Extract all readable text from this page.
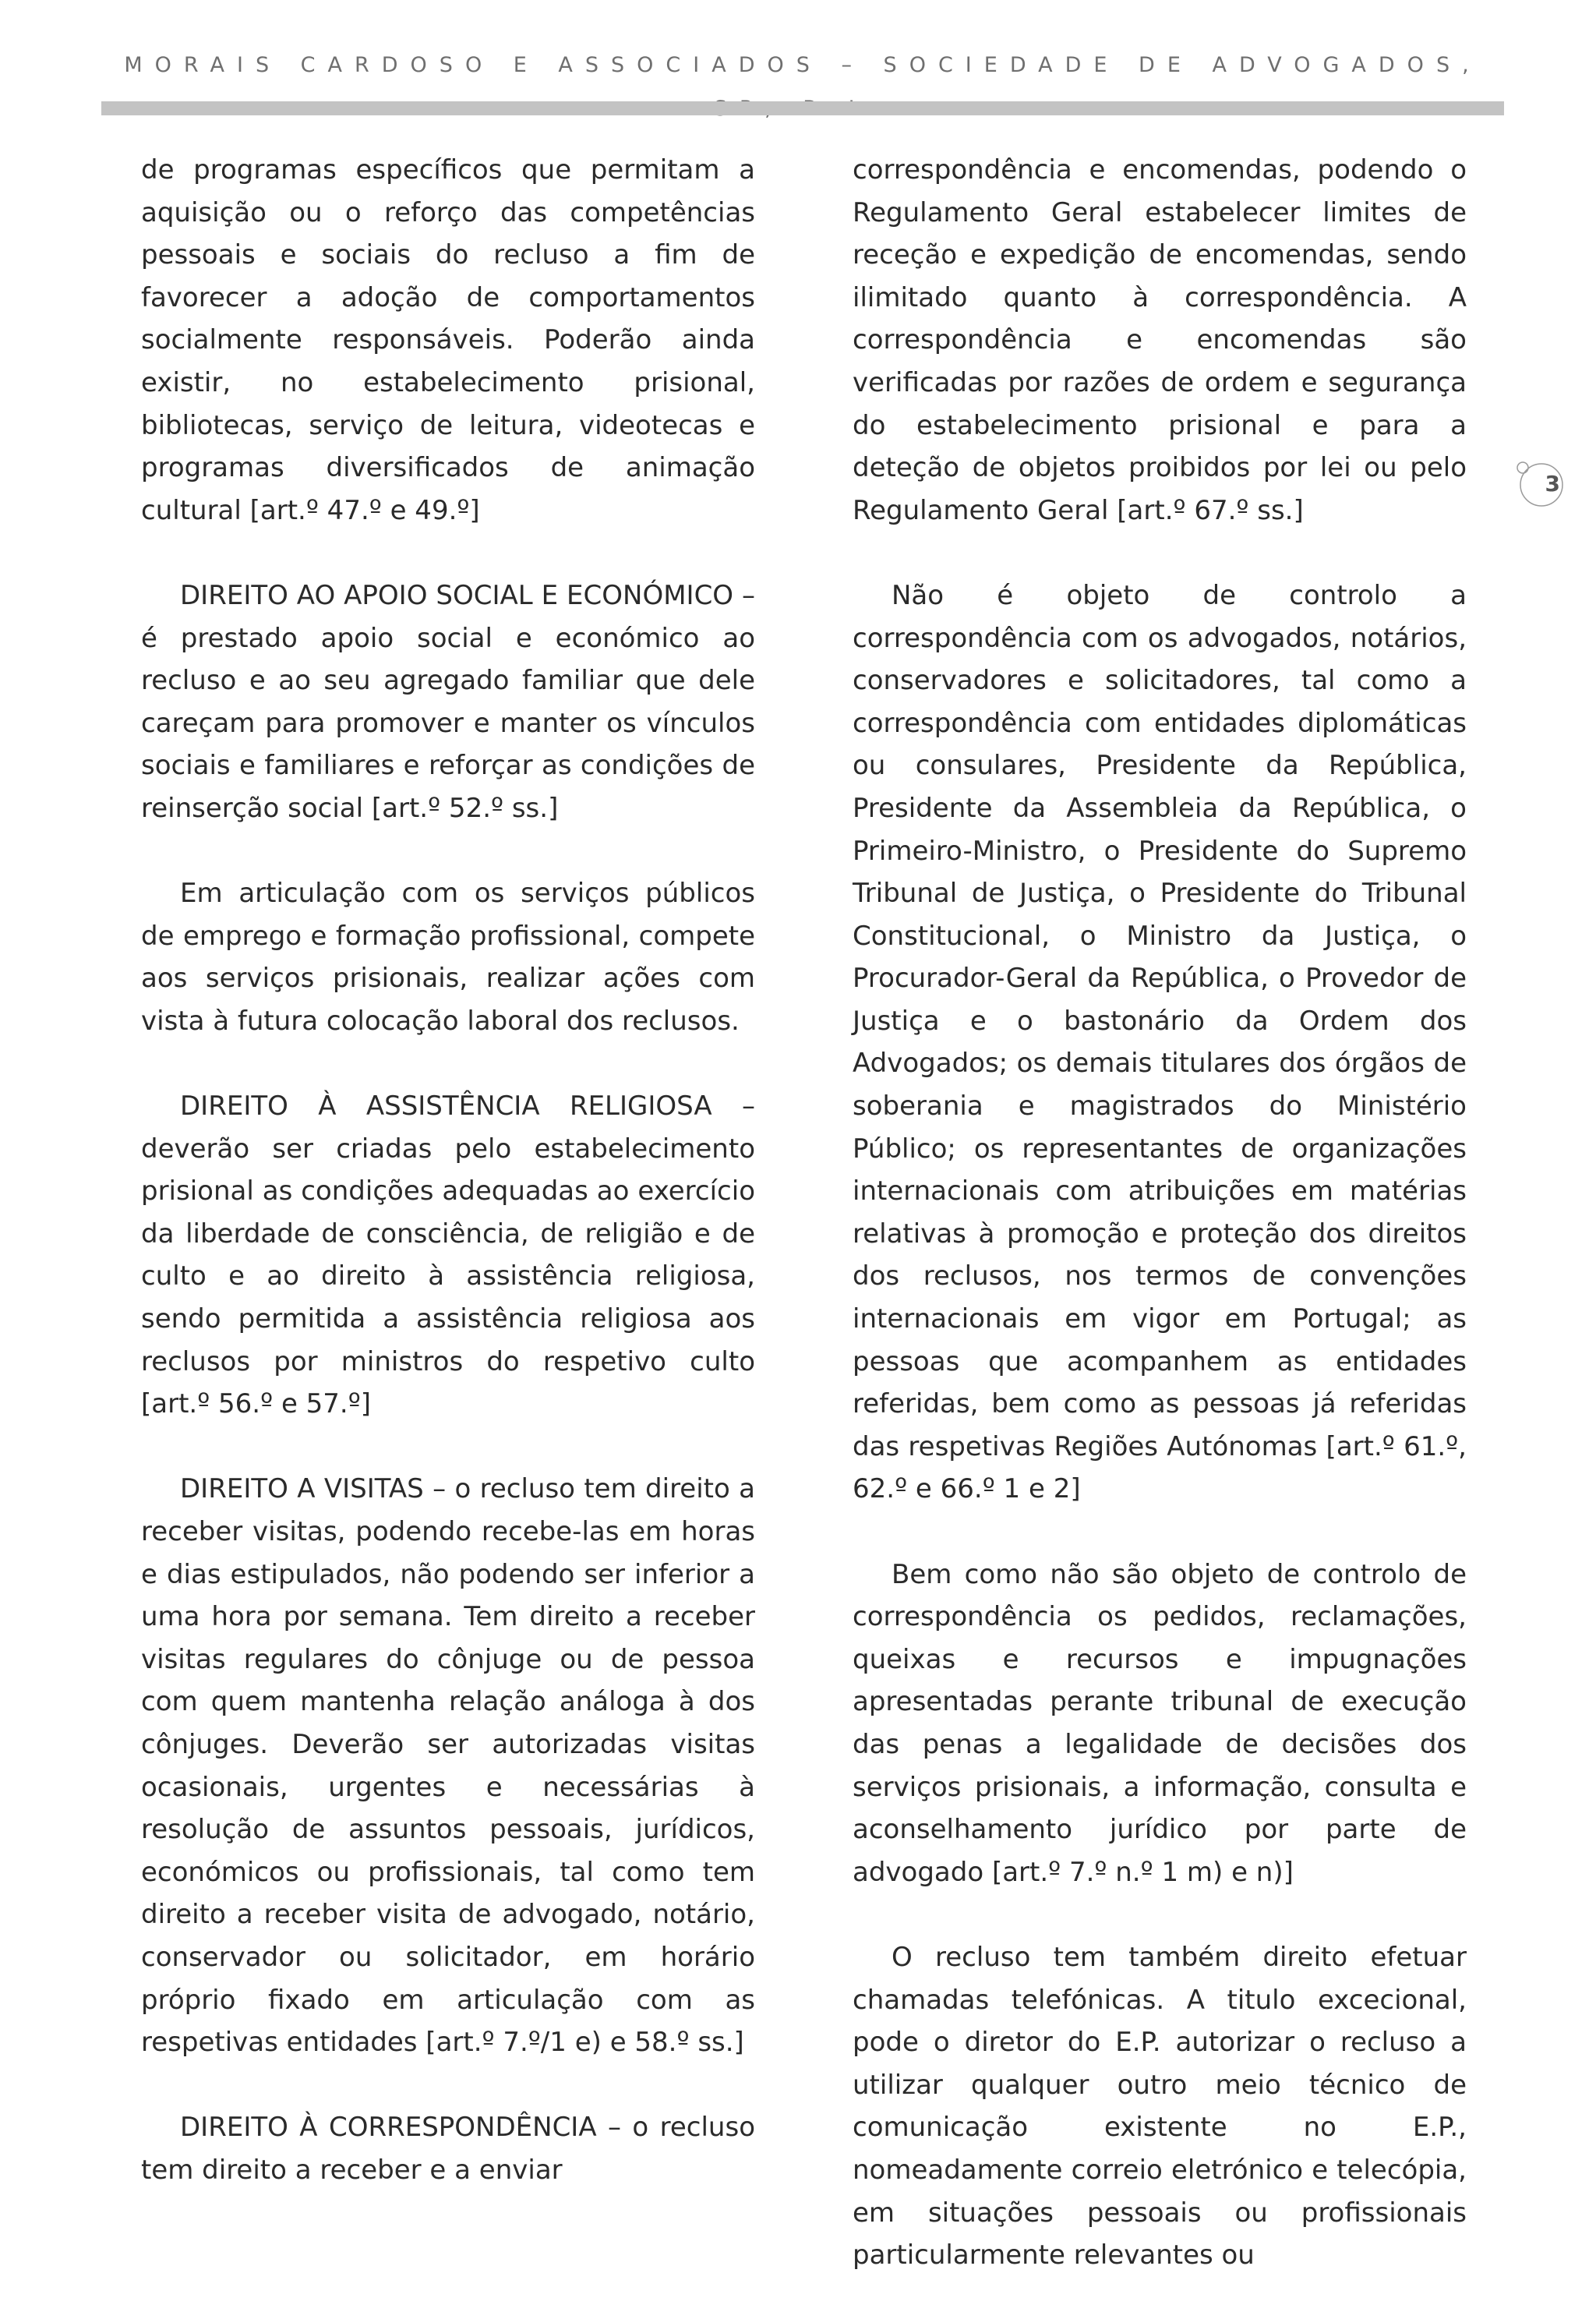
MORAIS CARDOSO E ASSOCIADOS – SOCIEDADE DE ADVOGADOS,

de programas específicos que permitam a aquisição ou o reforço das competências pessoais e sociais do recluso a fim de favorecer a adoção de comportamentos socialmente responsáveis. Poderão ainda existir, no estabelecimento prisional, bibliotecas, serviço de leitura, videotecas e programas diversificados de animação cultural [art.º 47.º e 49.º]

DIREITO AO APOIO SOCIAL E ECONÓMICO – é prestado apoio social e económico ao recluso e ao seu agregado familiar que dele careçam para promover e manter os vínculos sociais e familiares e reforçar as condições de reinserção social [art.º 52.º ss.]

Em articulação com os serviços públicos de emprego e formação profissional, compete aos serviços prisionais, realizar ações com vista à futura colocação laboral dos reclusos.

DIREITO À ASSISTÊNCIA RELIGIOSA – deverão ser criadas pelo estabelecimento prisional as condições adequadas ao exercício da liberdade de consciência, de religião e de culto e ao direito à assistência religiosa, sendo permitida a assistência religiosa aos reclusos por ministros do respetivo culto [art.º 56.º e 57.º]

DIREITO A VISITAS – o recluso tem direito a receber visitas, podendo recebe-las em horas e dias estipulados, não podendo ser inferior a uma hora por semana. Tem direito a receber visitas regulares do cônjuge ou de pessoa com quem mantenha relação análoga à dos cônjuges. Deverão ser autorizadas visitas ocasionais, urgentes e necessárias à resolução de assuntos pessoais, jurídicos, económicos ou profissionais, tal como tem direito a receber visita de advogado, notário, conservador ou solicitador, em horário próprio fixado em articulação com as respetivas entidades [art.º 7.º/1 e) e 58.º ss.]

DIREITO À CORRESPONDÊNCIA – o recluso tem direito a receber e a enviar

correspondência e encomendas, podendo o Regulamento Geral estabelecer limites de receção e expedição de encomendas, sendo ilimitado quanto à correspondência. A correspondência e encomendas são verificadas por razões de ordem e segurança do estabelecimento prisional e para a deteção de objetos proibidos por lei ou pelo Regulamento Geral [art.º 67.º ss.]

Não é objeto de controlo a correspondência com os advogados, notários, conservadores e solicitadores, tal como a correspondência com entidades diplomáticas ou consulares, Presidente da República, Presidente da Assembleia da República, o Primeiro-Ministro, o Presidente do Supremo Tribunal de Justiça, o Presidente do Tribunal Constitucional, o Ministro da Justiça, o Procurador-Geral da República, o Provedor de Justiça e o bastonário da Ordem dos Advogados; os demais titulares dos órgãos de soberania e magistrados do Ministério Público; os representantes de organizações internacionais com atribuições em matérias relativas à promoção e proteção dos direitos dos reclusos, nos termos de convenções internacionais em vigor em Portugal; as pessoas que acompanhem as entidades referidas, bem como as pessoas já referidas das respetivas Regiões Autónomas [art.º 61.º, 62.º e 66.º 1 e 2]

Bem como não são objeto de controlo de correspondência os pedidos, reclamações, queixas e recursos e impugnações apresentadas perante tribunal de execução das penas a legalidade de decisões dos serviços prisionais, a informação, consulta e aconselhamento jurídico por parte de advogado [art.º 7.º n.º 1 m) e n)]

O recluso tem também direito efetuar chamadas telefónicas. A titulo excecional, pode o diretor do E.P. autorizar o recluso a utilizar qualquer outro meio técnico de comunicação existente no E.P., nomeadamente correio eletrónico e telecópia, em situações pessoais ou profissionais particularmente relevantes ou

3
